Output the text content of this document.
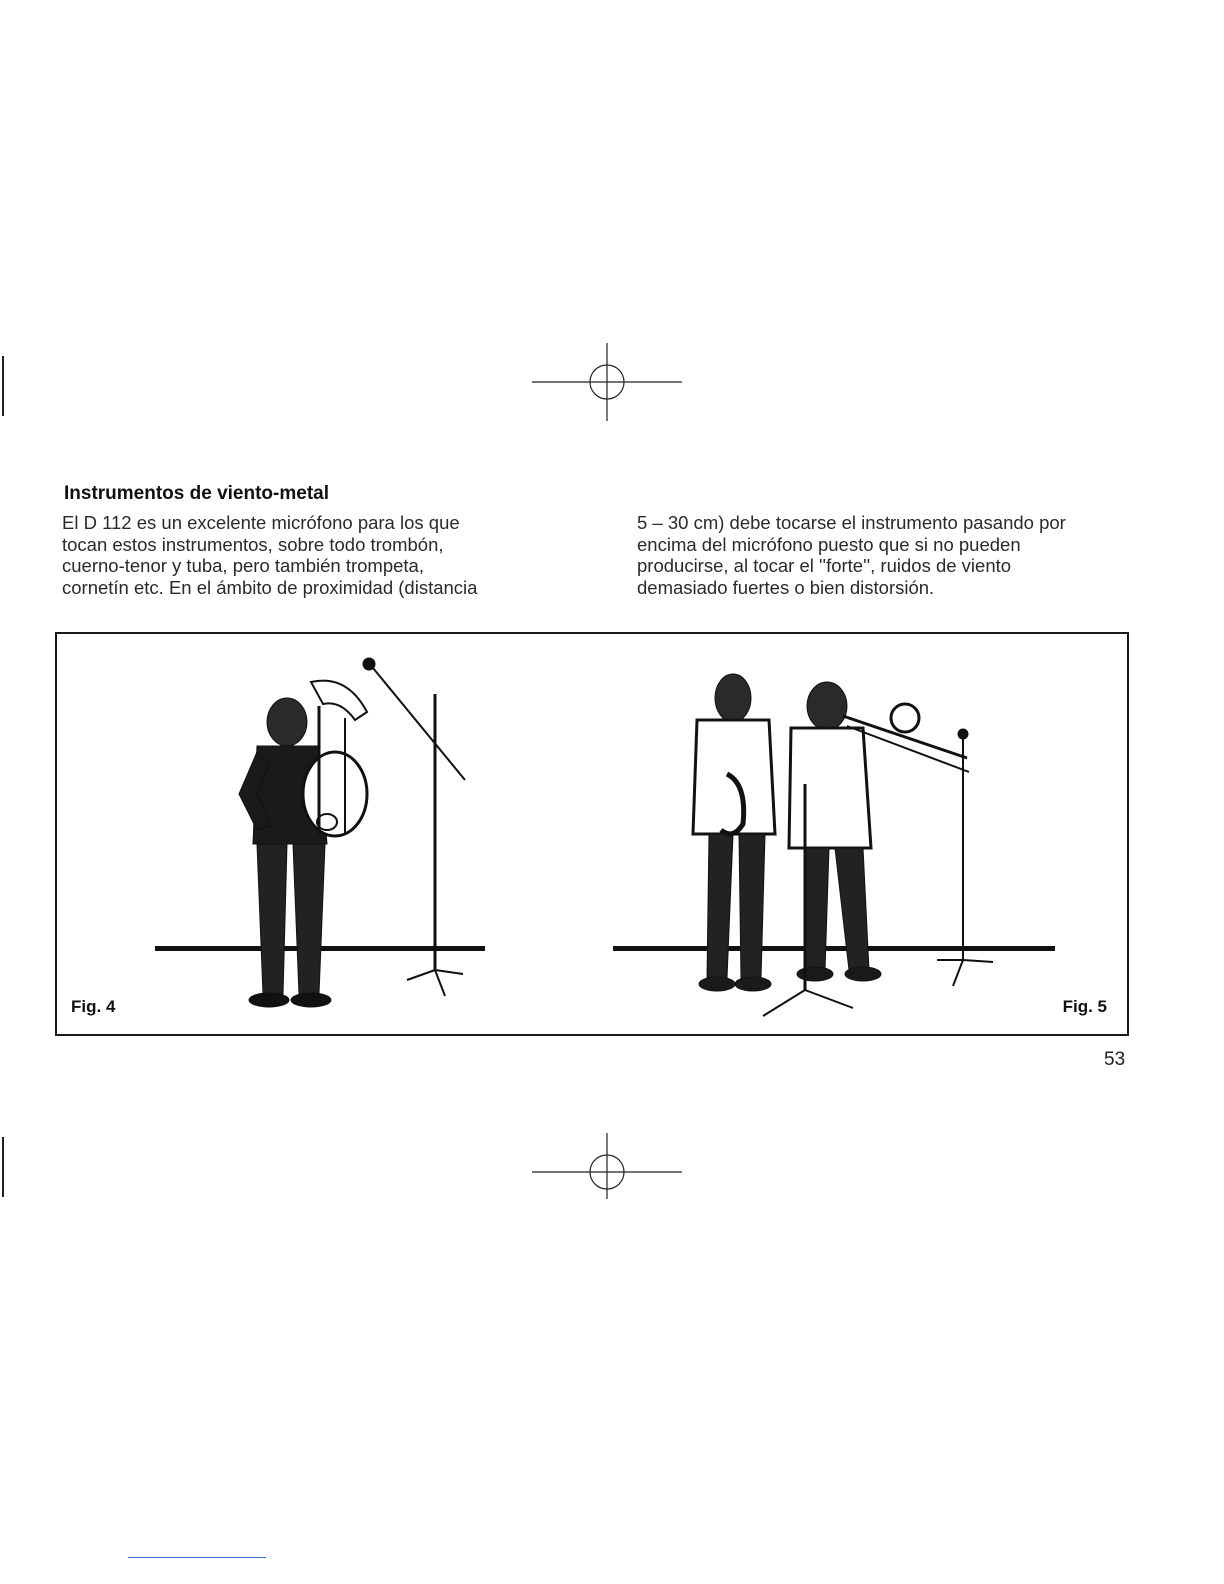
Instrumentos de viento-metal
El D 112 es un excelente micrófono para los que
tocan estos instrumentos, sobre todo trombón,
cuerno-tenor y tuba, pero también trompeta,
cornetín etc. En el ámbito de proximidad (distancia
5 – 30 cm) debe tocarse el instrumento pasando por
encima del micrófono puesto que si no pueden
producirse, al tocar el ''forte'', ruidos de viento
demasiado fuertes o bien distorsión.
Fig. 4	Fig. 5
53
